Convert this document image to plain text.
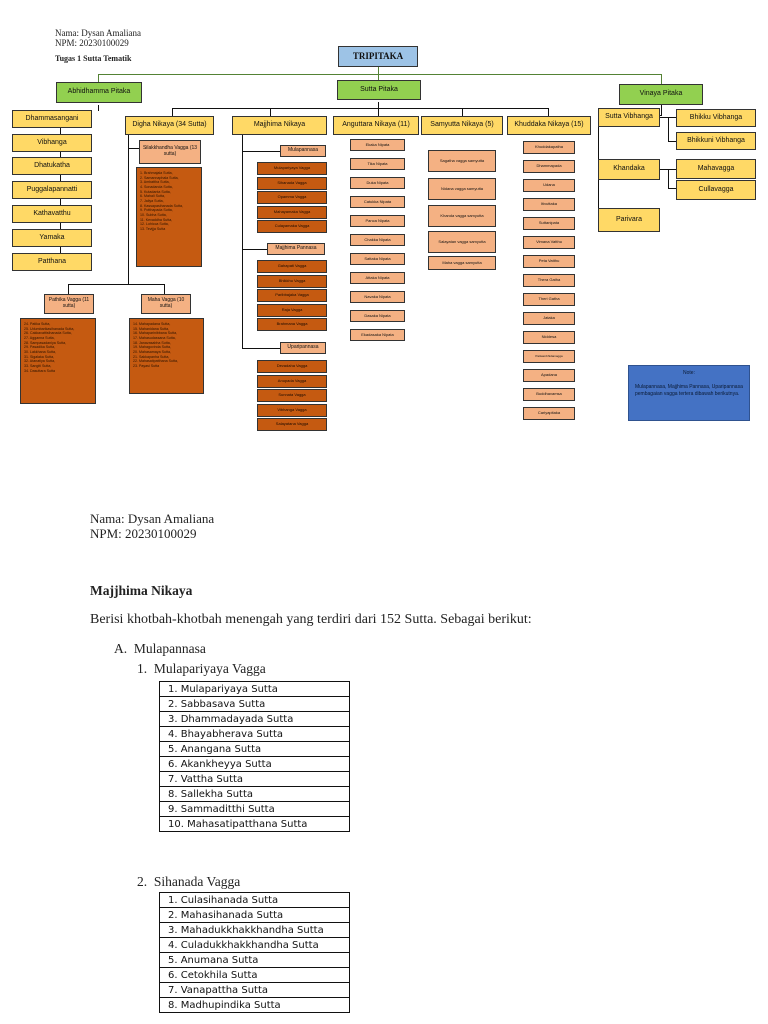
Nama: Dysan Amaliana
NPM: 20230100029
Tugas 1 Sutta Tematik	TRIPITAKA
Abhidhamma Pitaka
Dhammasangani
Vibhanga
Dhatukatha
Puggalapannatti
Kathavatthu
Yamaka
Patthana
Sutta Pitaka
Digha Nikaya (34 Sutta)
Silakkhandha Vagga (13 sutta)
1. Brahmajala Sutta,
2. Samannaphala Sutta,
3. Ambattha Sutta,
4. Sonadanda Sutta,
5. Kutadanta Sutta,
6. Mahali Sutta,
7. Jaliya Sutta,
8. Kassapasihanada Sutta,
9. Potthapada Sutta,
10. Subha Sutta,
11. Kevaddha Sutta,
12. Lohicca Sutta,
13. Tevijja Sutta
Pathika Vagga (11 sutta)
24. Patika Sutta,
25. Udumbarikasihanada Sutta,
26. Cakkavattisihanada Sutta,
27. Agganna Sutta,
28. Sampasadaniya Sutta,
29. Pasadika Sutta,
30. Lakkhana Sutta,
31. Sigalaka Sutta,
32. Atanatiya Sutta,
33. Sangiti Sutta,
34. Dasuttara Sutta
Maha Vagga (10 sutta)
14. Mahapadana Sutta,
15. Mahanidana Sutta,
16. Mahaparinibbana Sutta,
17. Mahasudassana Sutta,
18. Janavasabha Sutta,
19. Mahagovinda Sutta,
20. Mahasamaya Sutta,
21. Sakkapanha Sutta,
22. Mahasatipatthana Sutta,
23. Payasi Sutta
Majjhima Nikaya
Mulapannasa
Mulapariyaya Vagga
Sihanada Vagga
Opamma Vagga
Mahayamaka Vagga
Culayamaka Vagga
Majjhima Pannasa
Gahapati Vagga
Bhikkhu Vagga
Paribbajaka Vagga
Raja Vagga
Brahmana Vagga
Uparipannasa
Devadaha Vagga
Anupada Vagga
Sunnata Vagga
Vibhanga Vagga
Salayatana Vagga
Anguttara Nikaya (11)
Ekaka Nipata
Tika Nipata
Duka Nipata
Catukka Nipata
Panca Nipata
Chakka Nipata
Sattaka Nipata
Attaka Nipata
Navaka Nipata
Dasaka Nipata
Ekadasaka Nipata
Samyutta Nikaya (5)
Sagatha vagga samyutta
Nidana vagga samyutta
Khanda vagga samyutta
Salayatan vagga samyutta
Maha vagga samyutta
Khuddaka Nikaya (15)
Khuddakapatha
Dhammapada
Udana
Itivuttaka
Suttanipata
Vimana Vatthu
Peta Vatthu
Thera Gatha
Theri Gatha
Jataka
Niddesa
Patisambhidamagga
Apadana
Buddhavamsa
Cariyapitaka
Vinaya Pitaka
Sutta Vibhanga	Bhikku Vibhanga
Bhikkuni Vibhanga
Khandaka	Mahavagga
Cullavagga
Parivara
Note:
Mulapannasa, Majjhima Pannasa, Uparipannasa pembagaian vagga tertera dibawah berikutnya.
Nama: Dysan Amaliana
NPM: 20230100029
Majjhima Nikaya
Berisi khotbah-khotbah menengah yang terdiri dari 152 Sutta. Sebagai berikut:
A.  Mulapannasa
1.  Mulapariyaya Vagga
1. Mulapariyaya Sutta
2. Sabbasava Sutta
3. Dhammadayada Sutta
4. Bhayabherava Sutta
5. Anangana Sutta
6. Akankheyya Sutta
7. Vattha Sutta
8. Sallekha Sutta
9. Sammaditthi Sutta
10. Mahasatipatthana Sutta
2.  Sihanada Vagga
1. Culasihanada Sutta
2. Mahasihanada Sutta
3. Mahadukkhakkhandha Sutta
4. Culadukkhakkhandha Sutta
5. Anumana Sutta
6. Cetokhila Sutta
7. Vanapattha Sutta
8. Madhupindika Sutta
